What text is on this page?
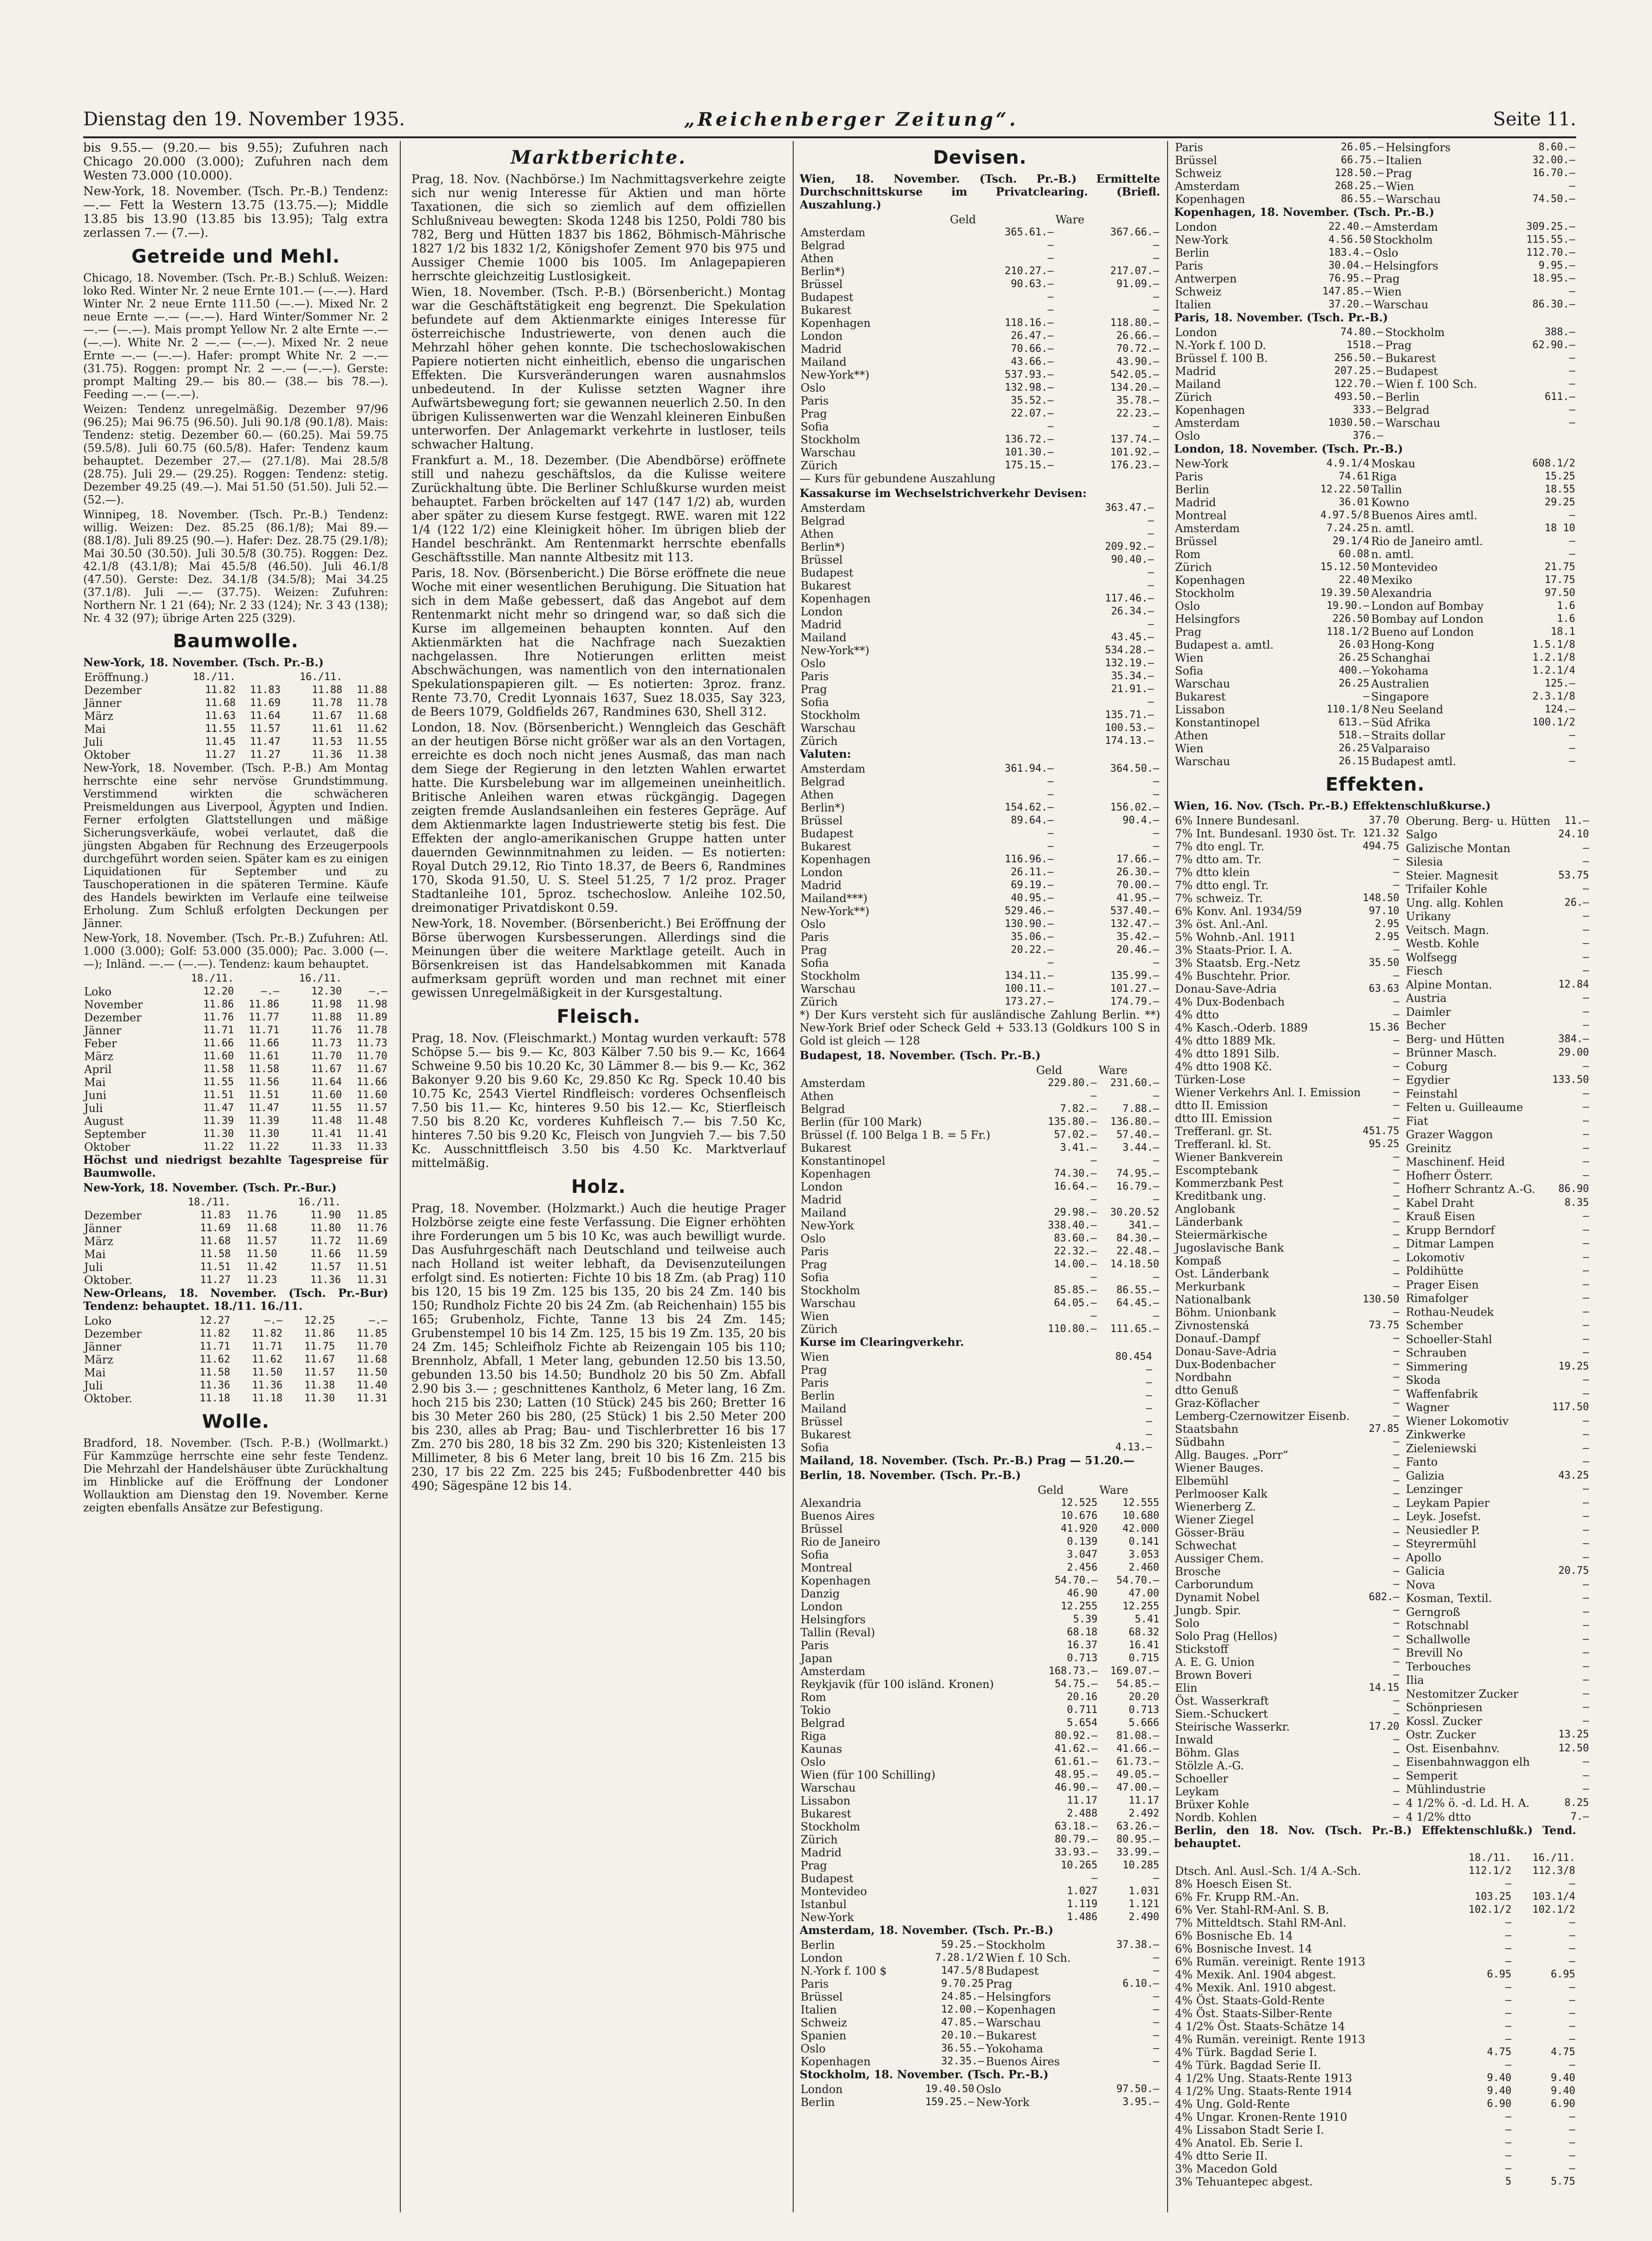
Dienstag den 19. November 1935.	„Reichenberger Zeitung“.	Seite 11.

bis 9.55.— (9.20.— bis 9.55); Zufuhren nach Chicago 20.000 (3.000); Zufuhren nach dem Westen 73.000 (10.000).

New-York, 18. November. (Tsch. Pr.-B.) Tendenz: —.— Fett la Western 13.75 (13.75.—); Middle 13.85 bis 13.90 (13.85 bis 13.95); Talg extra zerlassen 7.— (7.—).

Getreide und Mehl.

Chicago, 18. November. (Tsch. Pr.-B.) Schluß. Weizen: loko Red. Winter Nr. 2 neue Ernte 101.— (—.—). Hard Winter Nr. 2 neue Ernte 111.50 (—.—). Mixed Nr. 2 neue Ernte —.— (—.—). Hard Winter/Sommer Nr. 2 —.— (—.—). Mais prompt Yellow Nr. 2 alte Ernte —.— (—.—). White Nr. 2 —.— (—.—). Mixed Nr. 2 neue Ernte —.— (—.—). Hafer: prompt White Nr. 2 —.— (31.75). Roggen: prompt Nr. 2 —.— (—.—). Gerste: prompt Malting 29.— bis 80.— (38.— bis 78.—). Feeding —.— (—.—).

Weizen: Tendenz unregelmäßig. Dezember 97/96 (96.25); Mai 96.75 (96.50). Juli 90.1/8 (90.1/8). Mais: Tendenz: stetig. Dezember 60.— (60.25). Mai 59.75 (59.5/8). Juli 60.75 (60.5/8). Hafer: Tendenz kaum behauptet. Dezember 27.— (27.1/8). Mai 28.5/8 (28.75). Juli 29.— (29.25). Roggen: Tendenz: stetig. Dezember 49.25 (49.—). Mai 51.50 (51.50). Juli 52.— (52.—).

Winnipeg, 18. November. (Tsch. Pr.-B.) Tendenz: willig. Weizen: Dez. 85.25 (86.1/8); Mai 89.— (88.1/8). Juli 89.25 (90.—). Hafer: Dez. 28.75 (29.1/8); Mai 30.50 (30.50). Juli 30.5/8 (30.75). Roggen: Dez. 42.1/8 (43.1/8); Mai 45.5/8 (46.50). Juli 46.1/8 (47.50). Gerste: Dez. 34.1/8 (34.5/8); Mai 34.25 (37.1/8). Juli —.— (37.75). Weizen: Zufuhren: Northern Nr. 1 21 (64); Nr. 2 33 (124); Nr. 3 43 (138); Nr. 4 32 (97); übrige Arten 225 (329).

Baumwolle.

New-York, 18. November. (Tsch. Pr.-B.)

Eröffnung.)	18./11.		16./11.	
Dezember	11.82	11.83	11.88	11.88
Jänner	11.68	11.69	11.78	11.78
März	11.63	11.64	11.67	11.68
Mai	11.55	11.57	11.61	11.62
Juli	11.45	11.47	11.53	11.55
Oktober	11.27	11.27	11.36	11.38

New-York, 18. November. (Tsch. P.-B.) Am Montag herrschte eine sehr nervöse Grundstimmung. Verstimmend wirkten die schwächeren Preismeldungen aus Liverpool, Ägypten und Indien. Ferner erfolgten Glattstellungen und mäßige Sicherungsverkäufe, wobei verlautet, daß die jüngsten Abgaben für Rechnung des Erzeugerpools durchgeführt worden seien. Später kam es zu einigen Liquidationen für September und zu Tauschoperationen in die späteren Termine. Käufe des Handels bewirkten im Verlaufe eine teilweise Erholung. Zum Schluß erfolgten Deckungen per Jänner.

New-York, 18. November. (Tsch. Pr.-B.) Zufuhren: Atl. 1.000 (3.000); Golf: 53.000 (35.000); Pac. 3.000 (—.—); Inländ. —.— (—.—). Tendenz: kaum behauptet.

	18./11.		16./11.	
Loko	12.20	—.—	12.30	—.—
November	11.86	11.86	11.98	11.98
Dezember	11.76	11.77	11.88	11.89
Jänner	11.71	11.71	11.76	11.78
Feber	11.66	11.66	11.73	11.73
März	11.60	11.61	11.70	11.70
April	11.58	11.58	11.67	11.67
Mai	11.55	11.56	11.64	11.66
Juni	11.51	11.51	11.60	11.60
Juli	11.47	11.47	11.55	11.57
August	11.39	11.39	11.48	11.48
September	11.30	11.30	11.41	11.41
Oktober	11.22	11.22	11.33	11.33

Höchst und niedrigst bezahlte Tagespreise für Baumwolle.

New-York, 18. November. (Tsch. Pr.-Bur.)

	18./11.		16./11.	
Dezember	11.83	11.76	11.90	11.85
Jänner	11.69	11.68	11.80	11.76
März	11.68	11.57	11.72	11.69
Mai	11.58	11.50	11.66	11.59
Juli	11.51	11.42	11.57	11.51
Oktober.	11.27	11.23	11.36	11.31

New-Orleans, 18. November. (Tsch. Pr.-Bur) Tendenz: behauptet. 18./11. 16./11.

Loko	12.27	—.—	12.25	—.—
Dezember	11.82	11.82	11.86	11.85
Jänner	11.71	11.71	11.75	11.70
März	11.62	11.62	11.67	11.68
Mai	11.58	11.50	11.57	11.50
Juli	11.36	11.36	11.38	11.40
Oktober.	11.18	11.18	11.30	11.31
Wolle.

Bradford, 18. November. (Tsch. P.-B.) (Wollmarkt.) Für Kammzüge herrschte eine sehr feste Tendenz. Die Mehrzahl der Handelshäuser übte Zurückhaltung im Hinblicke auf die Eröffnung der Londoner Wollauktion am Dienstag den 19. November. Kerne zeigten ebenfalls Ansätze zur Befestigung.

Marktberichte.

Prag, 18. Nov. (Nachbörse.) Im Nachmittagsverkehre zeigte sich nur wenig Interesse für Aktien und man hörte Taxationen, die sich so ziemlich auf dem offiziellen Schlußniveau bewegten: Skoda 1248 bis 1250, Poldi 780 bis 782, Berg und Hütten 1837 bis 1862, Böhmisch-Mährische 1827 1/2 bis 1832 1/2, Königshofer Zement 970 bis 975 und Aussiger Chemie 1000 bis 1005. Im Anlagepapieren herrschte gleichzeitig Lustlosigkeit.

Wien, 18. November. (Tsch. P.-B.) (Börsenbericht.) Montag war die Geschäftstätigkeit eng begrenzt. Die Spekulation befundete auf dem Aktienmarkte einiges Interesse für österreichische Industriewerte, von denen auch die Mehrzahl höher gehen konnte. Die tschechoslowakischen Papiere notierten nicht einheitlich, ebenso die ungarischen Effekten. Die Kursveränderungen waren ausnahmslos unbedeutend. In der Kulisse setzten Wagner ihre Aufwärtsbewegung fort; sie gewannen neuerlich 2.50. In den übrigen Kulissenwerten war die Wenzahl kleineren Einbußen unterworfen. Der Anlagemarkt verkehrte in lustloser, teils schwacher Haltung.

Frankfurt a. M., 18. Dezember. (Die Abendbörse) eröffnete still und nahezu geschäftslos, da die Kulisse weitere Zurückhaltung übte. Die Berliner Schlußkurse wurden meist behauptet. Farben bröckelten auf 147 (147 1/2) ab, wurden aber später zu diesem Kurse festgegt. RWE. waren mit 122 1/4 (122 1/2) eine Kleinigkeit höher. Im übrigen blieb der Handel beschränkt. Am Rentenmarkt herrschte ebenfalls Geschäftsstille. Man nannte Altbesitz mit 113.

Paris, 18. Nov. (Börsenbericht.) Die Börse eröffnete die neue Woche mit einer wesentlichen Beruhigung. Die Situation hat sich in dem Maße gebessert, daß das Angebot auf dem Rentenmarkt nicht mehr so dringend war, so daß sich die Kurse im allgemeinen behaupten konnten. Auf den Aktienmärkten hat die Nachfrage nach Suezaktien nachgelassen. Ihre Notierungen erlitten meist Abschwächungen, was namentlich von den internationalen Spekulationspapieren gilt. — Es notierten: 3proz. franz. Rente 73.70, Credit Lyonnais 1637, Suez 18.035, Say 323, de Beers 1079, Goldfields 267, Randmines 630, Shell 312.

London, 18. Nov. (Börsenbericht.) Wenngleich das Geschäft an der heutigen Börse nicht größer war als an den Vortagen, erreichte es doch noch nicht jenes Ausmaß, das man nach dem Siege der Regierung in den letzten Wahlen erwartet hatte. Die Kursbelebung war im allgemeinen uneinheitlich. Britische Anleihen waren etwas rückgängig. Dagegen zeigten fremde Auslandsanleihen ein festeres Gepräge. Auf dem Aktienmarkte lagen Industriewerte stetig bis fest. Die Effekten der anglo-amerikanischen Gruppe hatten unter dauernden Gewinnmitnahmen zu leiden. — Es notierten: Royal Dutch 29.12, Rio Tinto 18.37, de Beers 6, Randmines 170, Skoda 91.50, U. S. Steel 51.25, 7 1/2 proz. Prager Stadtanleihe 101, 5proz. tschechoslow. Anleihe 102.50, dreimonatiger Privatdiskont 0.59.

New-York, 18. November. (Börsenbericht.) Bei Eröffnung der Börse überwogen Kursbesserungen. Allerdings sind die Meinungen über die weitere Marktlage geteilt. Auch in Börsenkreisen ist das Handelsabkommen mit Kanada aufmerksam geprüft worden und man rechnet mit einer gewissen Unregelmäßigkeit in der Kursgestaltung.

Fleisch.

Prag, 18. Nov. (Fleischmarkt.) Montag wurden verkauft: 578 Schöpse 5.— bis 9.— Kc, 803 Kälber 7.50 bis 9.— Kc, 1664 Schweine 9.50 bis 10.20 Kc, 30 Lämmer 8.— bis 9.— Kc, 362 Bakonyer 9.20 bis 9.60 Kc, 29.850 Kc Rg. Speck 10.40 bis 10.75 Kc, 2543 Viertel Rindfleisch: vorderes Ochsenfleisch 7.50 bis 11.— Kc, hinteres 9.50 bis 12.— Kc, Stierfleisch 7.50 bis 8.20 Kc, vorderes Kuhfleisch 7.— bis 7.50 Kc, hinteres 7.50 bis 9.20 Kc, Fleisch von Jungvieh 7.— bis 7.50 Kc. Ausschnittfleisch 3.50 bis 4.50 Kc. Marktverlauf mittelmäßig.

Holz.

Prag, 18. November. (Holzmarkt.) Auch die heutige Prager Holzbörse zeigte eine feste Verfassung. Die Eigner erhöhten ihre Forderungen um 5 bis 10 Kc, was auch bewilligt wurde. Das Ausfuhrgeschäft nach Deutschland und teilweise auch nach Holland ist weiter lebhaft, da Devisenzuteilungen erfolgt sind. Es notierten: Fichte 10 bis 18 Zm. (ab Prag) 110 bis 120, 15 bis 19 Zm. 125 bis 135, 20 bis 24 Zm. 140 bis 150; Rundholz Fichte 20 bis 24 Zm. (ab Reichenhain) 155 bis 165; Grubenholz, Fichte, Tanne 13 bis 24 Zm. 145; Grubenstempel 10 bis 14 Zm. 125, 15 bis 19 Zm. 135, 20 bis 24 Zm. 145; Schleifholz Fichte ab Reizengain 105 bis 110; Brennholz, Abfall, 1 Meter lang, gebunden 12.50 bis 13.50, gebunden 13.50 bis 14.50; Bundholz 20 bis 50 Zm. Abfall 2.90 bis 3.— ; geschnittenes Kantholz, 6 Meter lang, 16 Zm. hoch 215 bis 230; Latten (10 Stück) 245 bis 260; Bretter 16 bis 30 Meter 260 bis 280, (25 Stück) 1 bis 2.50 Meter 200 bis 230, alles ab Prag; Bau- und Tischlerbretter 16 bis 17 Zm. 270 bis 280, 18 bis 32 Zm. 290 bis 320; Kistenleisten 13 Millimeter, 8 bis 6 Meter lang, breit 10 bis 16 Zm. 215 bis 230, 17 bis 22 Zm. 225 bis 245; Fußbodenbretter 440 bis 490; Sägespäne 12 bis 14.

Devisen.

Wien, 18. November. (Tsch. Pr.-B.) Ermittelte Durchschnittskurse im Privatclearing. (Briefl. Auszahlung.)

	Geld	Ware
Amsterdam	365.61.—	367.66.—
Belgrad	—	—
Athen	—	—
Berlin*)	210.27.—	217.07.—
Brüssel	90.63.—	91.09.—
Budapest	—	—
Bukarest	—	—
Kopenhagen	118.16.—	118.80.—
London	26.47.—	26.66.—
Madrid	70.66.—	70.72.—
Mailand	43.66.—	43.90.—
New-York**)	537.93.—	542.05.—
Oslo	132.98.—	134.20.—
Paris	35.52.—	35.78.—
Prag	22.07.—	22.23.—
Sofia	—	—
Stockholm	136.72.—	137.74.—
Warschau	101.30.—	101.92.—
Zürich	175.15.—	176.23.—

— Kurs für gebundene Auszahlung

Kassakurse im Wechselstrichverkehr Devisen:

Amsterdam	363.47.—	
Belgrad	—	
Athen	—	
Berlin*)	209.92.—	
Brüssel	90.40.—	
Budapest	—	
Bukarest	—	
Kopenhagen	117.46.—	
London	26.34.—	
Madrid	—	
Mailand	43.45.—	
New-York**)	534.28.—	
Oslo	132.19.—	
Paris	35.34.—	
Prag	21.91.—	
Sofia	—	
Stockholm	135.71.—	
Warschau	100.53.—	
Zürich	174.13.—	

Valuten:

Amsterdam	361.94.—	364.50.—
Belgrad	—	—
Athen	—	—
Berlin*)	154.62.—	156.02.—
Brüssel	89.64.—	90.4.—
Budapest	—	—
Bukarest	—	—
Kopenhagen	116.96.—	17.66.—
London	26.11.—	26.30.—
Madrid	69.19.—	70.00.—
Mailand***)	40.95.—	41.95.—
New-York**)	529.46.—	537.40.—
Oslo	130.90.—	132.47.—
Paris	35.06.—	35.42.—
Prag	20.22.—	20.46.—
Sofia	—	—
Stockholm	134.11.—	135.99.—
Warschau	100.11.—	101.27.—
Zürich	173.27.—	174.79.—

*) Der Kurs versteht sich für ausländische Zahlung Berlin. **) New-York Brief oder Scheck Geld + 533.13 (Goldkurs 100 S in Gold ist gleich — 128

Budapest, 18. November. (Tsch. Pr.-B.)

	Geld	Ware
Amsterdam	229.80.—	231.60.—
Athen	—	—
Belgrad	7.82.—	7.88.—
Berlin (für 100 Mark)	135.80.—	136.80.—
Brüssel (f. 100 Belga 1 B. = 5 Fr.)	57.02.—	57.40.—
Bukarest	3.41.—	3.44.—
Konstantinopel	—	—
Kopenhagen	74.30.—	74.95.—
London	16.64.—	16.79.—
Madrid	—	—
Mailand	29.98.—	30.20.52
New-York	338.40.—	341.—
Oslo	83.60.—	84.30.—
Paris	22.32.—	22.48.—
Prag	14.00.—	14.18.50
Sofia	—	—
Stockholm	85.85.—	86.55.—
Warschau	64.05.—	64.45.—
Wien	—	—
Zürich	110.80.—	111.65.—

Kurse im Clearingverkehr.

Wien	80.454	
Prag	—	
Paris	—	
Berlin	—	
Mailand	—	
Brüssel	—	
Bukarest	—	
Sofia	4.13.—	

Mailand, 18. November. (Tsch. Pr.-B.) Prag — 51.20.—

Berlin, 18. November. (Tsch. Pr.-B.)

	Geld	Ware
Alexandria	12.525	12.555
Buenos Aires	10.676	10.680
Brüssel	41.920	42.000
Rio de Janeiro	0.139	0.141
Sofia	3.047	3.053
Montreal	2.456	2.460
Kopenhagen	54.70.—	54.70.—
Danzig	46.90	47.00
London	12.255	12.255
Helsingfors	5.39	5.41
Tallin (Reval)	68.18	68.32
Paris	16.37	16.41
Japan	0.713	0.715
Amsterdam	168.73.—	169.07.—
Reykjavik (für 100 isländ. Kronen)	54.75.—	54.85.—
Rom	20.16	20.20
Tokio	0.711	0.713
Belgrad	5.654	5.666
Riga	80.92.—	81.08.—
Kaunas	41.62.—	41.66.—
Oslo	61.61.—	61.73.—
Wien (für 100 Schilling)	48.95.—	49.05.—
Warschau	46.90.—	47.00.—
Lissabon	11.17	11.17
Bukarest	2.488	2.492
Stockholm	63.18.—	63.26.—
Zürich	80.79.—	80.95.—
Madrid	33.93.—	33.99.—
Prag	10.265	10.285
Budapest	—	—
Montevideo	1.027	1.031
Istanbul	1.119	1.121
New-York	1.486	2.490

Amsterdam, 18. November. (Tsch. Pr.-B.)

Berlin	59.25.—	Stockholm	37.38.—
London	7.28.1/2	Wien f. 10 Sch.	—
N.-York f. 100 $	147.5/8	Budapest	—
Paris	9.70.25	Prag	6.10.—
Brüssel	24.85.—	Helsingfors	—
Italien	12.00.—	Kopenhagen	—
Schweiz	47.85.—	Warschau	—
Spanien	20.10.—	Bukarest	—
Oslo	36.55.—	Yokohama	—
Kopenhagen	32.35.—	Buenos Aires	—

Stockholm, 18. November. (Tsch. Pr.-B.)

London	19.40.50	Oslo	97.50.—
Berlin	159.25.—	New-York	3.95.—
Paris	26.05.—	Helsingfors	8.60.—
Brüssel	66.75.—	Italien	32.00.—
Schweiz	128.50.—	Prag	16.70.—
Amsterdam	268.25.—	Wien	—
Kopenhagen	86.55.—	Warschau	74.50.—

Kopenhagen, 18. November. (Tsch. Pr.-B.)

London	22.40.—	Amsterdam	309.25.—
New-York	4.56.50	Stockholm	115.55.—
Berlin	183.4.—	Oslo	112.70.—
Paris	30.04.—	Helsingfors	9.95.—
Antwerpen	76.95.—	Prag	18.95.—
Schweiz	147.85.—	Wien	—
Italien	37.20.—	Warschau	86.30.—

Paris, 18. November. (Tsch. Pr.-B.)

London	74.80.—	Stockholm	388.—
N.-York f. 100 D.	1518.—	Prag	62.90.—
Brüssel f. 100 B.	256.50.—	Bukarest	—
Madrid	207.25.—	Budapest	—
Mailand	122.70.—	Wien f. 100 Sch.	—
Zürich	493.50.—	Berlin	611.—
Kopenhagen	333.—	Belgrad	—
Amsterdam	1030.50.—	Warschau	—
Oslo	376.—		

London, 18. November. (Tsch. Pr.-B.)

New-York	4.9.1/4	Moskau	608.1/2
Paris	74.61	Riga	15.25
Berlin	12.22.50	Tallin	18.55
Madrid	36.01	Kowno	29.25
Montreal	4.97.5/8	Buenos Aires amtl.	—
Amsterdam	7.24.25	n. amtl.	18 10
Brüssel	29.1/4	Rio de Janeiro amtl.	—
Rom	60.08	n. amtl.	—
Zürich	15.12.50	Montevideo	21.75
Kopenhagen	22.40	Mexiko	17.75
Stockholm	19.39.50	Alexandria	97.50
Oslo	19.90.—	London auf Bombay	1.6
Helsingfors	226.50	Bombay auf London	1.6
Prag	118.1/2	Bueno auf London	18.1
Budapest a. amtl.	26.03	Hong-Kong	1.5.1/8
Wien	26.25	Schanghai	1.2.1/8
Sofia	400.—	Yokohama	1.2.1/4
Warschau	26.25	Australien	125.—
Bukarest	—	Singapore	2.3.1/8
Lissabon	110.1/8	Neu Seeland	124.—
Konstantinopel	613.—	Süd Afrika	100.1/2
Athen	518.—	Straits dollar	—
Wien	26.25	Valparaiso	—
Warschau	26.15	Budapest amtl.	—
Effekten.

Wien, 16. Nov. (Tsch. Pr.-B.) Effektenschlußkurse.)

6% Innere Bundesanl.	37.70
7% Int. Bundesanl. 1930 öst. Tr.	121.32
7% dto engl. Tr.	494.75
7% dtto am. Tr.	—
7% dtto klein	—
7% dtto engl. Tr.	—
7% schweiz. Tr.	148.50
6% Konv. Anl. 1934/59	97.10
3% öst. Anl.-Anl.	2.95
5% Wohnb.-Anl. 1911	2.95
3% Staats-Prior. I. A.	—
3% Staatsb. Erg.-Netz	35.50
4% Buschtehr. Prior.	—
Donau-Save-Adria	63.63
4% Dux-Bodenbach	—
4% dtto	—
4% Kasch.-Oderb. 1889	15.36
4% dtto 1889 Mk.	—
4% dtto 1891 Silb.	—
4% dtto 1908 Kč.	—
Türken-Lose	—
Wiener Verkehrs Anl. I. Emission	—
dtto II. Emission	—
dtto III. Emission	—
Trefferanl. gr. St.	451.75
Trefferanl. kl. St.	95.25
Wiener Bankverein	—
Escomptebank	—
Kommerzbank Pest	—
Kreditbank ung.	—
Anglobank	—
Länderbank	—
Steiermärkische	—
Jugoslavische Bank	—
Kompaß	—
Ost. Länderbank	—
Merkurbank	—
Nationalbank	130.50
Böhm. Unionbank	—
Zivnostenská	73.75
Donauf.-Dampf	—
Donau-Save-Adria	—
Dux-Bodenbacher	—
Nordbahn	—
dtto Genuß	—
Graz-Köflacher	—
Lemberg-Czernowitzer Eisenb.	—
Staatsbahn	27.85
Südbahn	—
Allg. Bauges. „Porr“	—
Wiener Bauges.	—
Elbemühl	—
Perlmooser Kalk	—
Wienerberg Z.	—
Wiener Ziegel	—
Gösser-Bräu	—
Schwechat	—
Aussiger Chem.	—
Brosche	—
Carborundum	—
Dynamit Nobel	682.—
Jungb. Spir.	—
Solo	—
Solo Prag (Hellos)	—
Stickstoff	—
A. E. G. Union	—
Brown Boveri	—
Elin	14.15
Öst. Wasserkraft	—
Siem.-Schuckert	—
Steirische Wasserkr.	17.20
Inwald	—
Böhm. Glas	—
Stölzle A.-G.	—
Schoeller	—
Leykam	—
Brüxer Kohle	—
Nordb. Kohlen	—
Oberung. Berg- u. Hütten	11.—
Salgo	24.10
Galizische Montan	—
Silesia	—
Steier. Magnesit	53.75
Trifailer Kohle	—
Ung. allg. Kohlen	26.—
Urikany	—
Veitsch. Magn.	—
Westb. Kohle	—
Wolfsegg	—
Fiesch	—
Alpine Montan.	12.84
Austria	—
Daimler	—
Becher	—
Berg- und Hütten	384.—
Brünner Masch.	29.00
Coburg	—
Egydier	133.50
Feinstahl	—
Felten u. Guilleaume	—
Fiat	—
Grazer Waggon	—
Greinitz	—
Maschinenf. Heid	—
Hofherr Österr.	—
Hofherr Schrantz A.-G.	86.90
Kabel Draht	8.35
Krauß Eisen	—
Krupp Berndorf	—
Ditmar Lampen	—
Lokomotiv	—
Poldihütte	—
Prager Eisen	—
Rimafolger	—
Rothau-Neudek	—
Schember	—
Schoeller-Stahl	—
Schrauben	—
Simmering	19.25
Skoda	—
Waffenfabrik	—
Wagner	117.50
Wiener Lokomotiv	—
Zinkwerke	—
Zieleniewski	—
Fanto	—
Galizia	43.25
Lenzinger	—
Leykam Papier	—
Leyk. Josefst.	—
Neusiedler P.	—
Steyrermühl	—
Apollo	—
Galicia	20.75
Nova	—
Kosman, Textil.	—
Gerngroß	—
Rotschnabl	—
Schallwolle	—
Brevill No	—
Terbouches	—
Ilia	—
Nestomitzer Zucker	—
Schönpriesen	—
Kossl. Zucker	—
Ostr. Zucker	13.25
Ost. Eisenbahnv.	12.50
Eisenbahnwaggon elh	—
Semperit	—
Mühlindustrie	—
4 1/2% ö. -d. Ld. H. A.	8.25
4 1/2% dtto	7.—

Berlin, den 18. Nov. (Tsch. Pr.-B.) Effektenschlußk.) Tend. behauptet.

	18./11.	16./11.
Dtsch. Anl. Ausl.-Sch. 1/4 A.-Sch.	112.1/2	112.3/8
8% Hoesch Eisen St.	—	—
6% Fr. Krupp RM.-An.	103.25	103.1/4
6% Ver. Stahl-RM-Anl. S. B.	102.1/2	102.1/2
7% Mitteldtsch. Stahl RM-Anl.	—	—
6% Bosnische Eb. 14	—	—
6% Bosnische Invest. 14	—	—
6% Rumän. vereinigt. Rente 1913	—	—
4% Mexik. Anl. 1904 abgest.	6.95	6.95
4% Mexik. Anl. 1910 abgest.	—	—
4% Öst. Staats-Gold-Rente	—	—
4% Öst. Staats-Silber-Rente	—	—
4 1/2% Öst. Staats-Schätze 14	—	—
4% Rumän. vereinigt. Rente 1913	—	—
4% Türk. Bagdad Serie I.	4.75	4.75
4% Türk. Bagdad Serie II.	—	—
4 1/2% Ung. Staats-Rente 1913	9.40	9.40
4 1/2% Ung. Staats-Rente 1914	9.40	9.40
4% Ung. Gold-Rente	6.90	6.90
4% Ungar. Kronen-Rente 1910	—	—
4% Lissabon Stadt Serie I.	—	—
4% Anatol. Eb. Serie I.	—	—
4% dtto Serie II.	—	—
3% Macedon Gold	—	—
3% Tehuantepec abgest.	5	5.75
